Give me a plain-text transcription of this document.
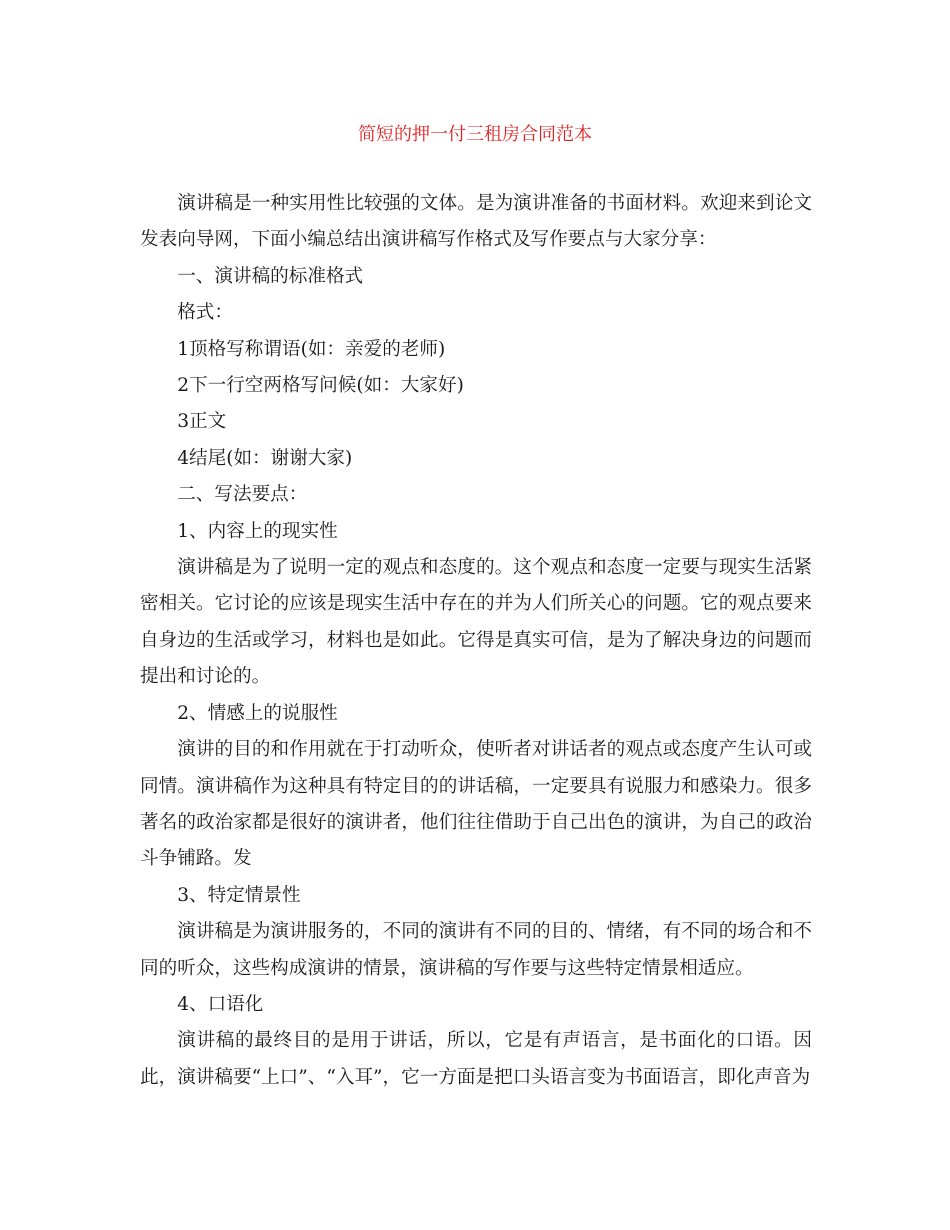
简短的押一付三租房合同范本

演讲稿是一种实用性比较强的文体。是为演讲准备的书面材料。欢迎来到论文发表向导网，下面小编总结出演讲稿写作格式及写作要点与大家分享：

一、演讲稿的标准格式

格式：

1顶格写称谓语(如：亲爱的老师)

2下一行空两格写问候(如：大家好)

3正文

4结尾(如：谢谢大家)

二、写法要点：

1、内容上的现实性

演讲稿是为了说明一定的观点和态度的。这个观点和态度一定要与现实生活紧密相关。它讨论的应该是现实生活中存在的并为人们所关心的问题。它的观点要来自身边的生活或学习，材料也是如此。它得是真实可信，是为了解决身边的问题而提出和讨论的。

2、情感上的说服性

演讲的目的和作用就在于打动听众，使听者对讲话者的观点或态度产生认可或同情。演讲稿作为这种具有特定目的的讲话稿，一定要具有说服力和感染力。很多著名的政治家都是很好的演讲者，他们往往借助于自己出色的演讲，为自己的政治斗争铺路。发

3、特定情景性

演讲稿是为演讲服务的，不同的演讲有不同的目的、情绪，有不同的场合和不同的听众，这些构成演讲的情景，演讲稿的写作要与这些特定情景相适应。

4、口语化

演讲稿的最终目的是用于讲话，所以，它是有声语言，是书面化的口语。因此，演讲稿要“上口”、“入耳”，它一方面是把口头语言变为书面语言，即化声音为
